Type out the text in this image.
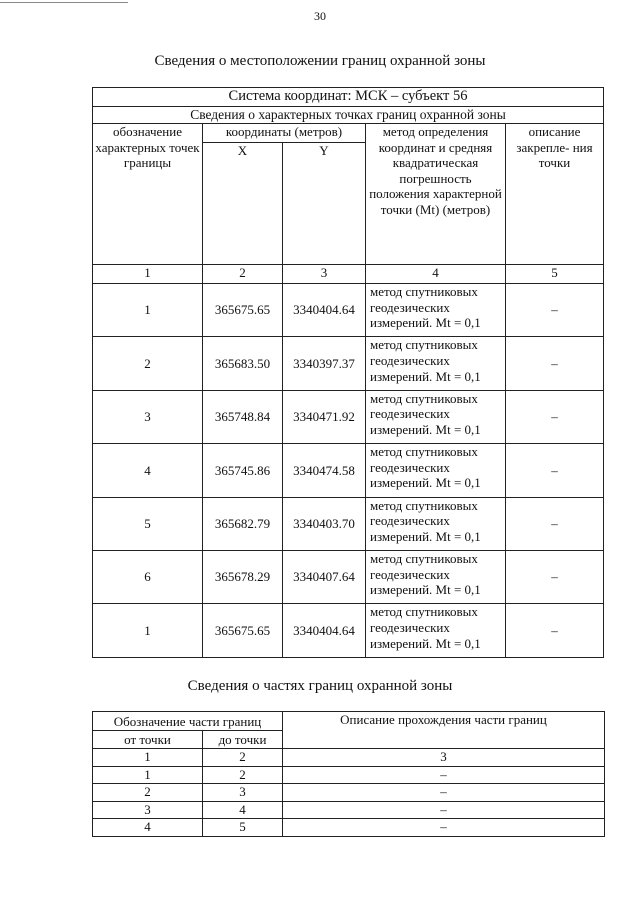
30
Сведения о местоположении границ охранной зоны
Система координат: МСК – субъект 56				
Сведения о характерных точках границ охранной зоны				
обозначение характерных точек границы	координаты (метров)		метод определения координат и средняя квадратическая погрешность положения характерной точки (Mt) (метров)	описание закрепле- ния точки
	X	Y		
1	2	3	4	5
1	365675.65	3340404.64	метод спутниковых геодезических измерений. Mt = 0,1	–
2	365683.50	3340397.37	метод спутниковых геодезических измерений. Mt = 0,1	–
3	365748.84	3340471.92	метод спутниковых геодезических измерений. Mt = 0,1	–
4	365745.86	3340474.58	метод спутниковых геодезических измерений. Mt = 0,1	–
5	365682.79	3340403.70	метод спутниковых геодезических измерений. Mt = 0,1	–
6	365678.29	3340407.64	метод спутниковых геодезических измерений. Mt = 0,1	–
1	365675.65	3340404.64	метод спутниковых геодезических измерений. Mt = 0,1	–
Сведения о частях границ охранной зоны
Обозначение части границ		Описание прохождения части границ
от точки	до точки	
1	2	3
1	2	–
2	3	–
3	4	–
4	5	–
